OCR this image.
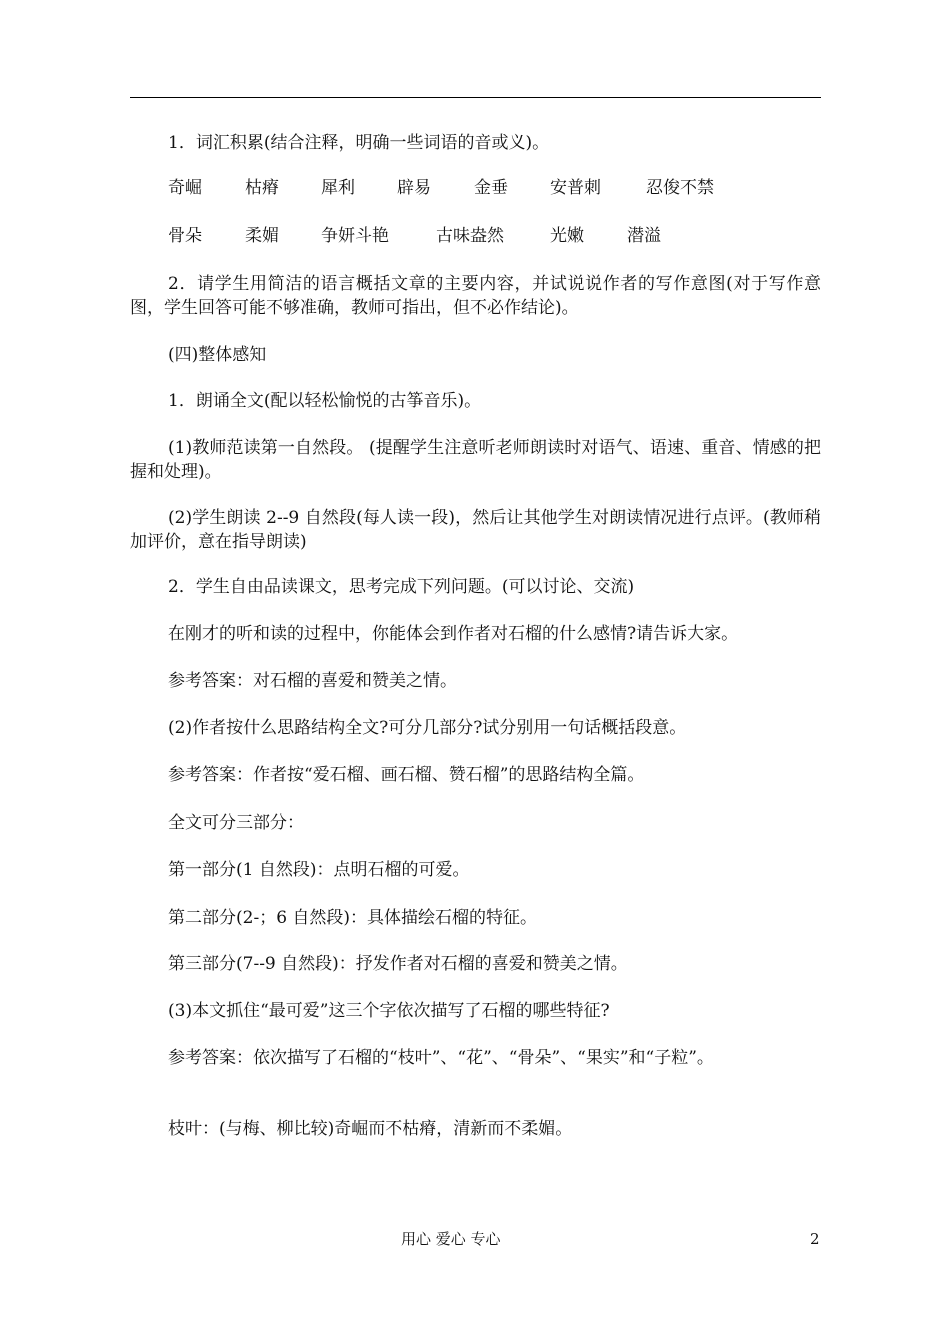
1．词汇积累(结合注释，明确一些词语的音或义)。
奇崛	枯瘠 犀利 辟易	金垂 安普刺	忍俊不禁
骨朵	柔媚 争妍斗艳	古味盎然	光嫩	潜溢
2．请学生用简洁的语言概括文章的主要内容，并试说说作者的写作意图(对于写作意图，学生回答可能不够准确，教师可指出，但不必作结论)。
(四)整体感知
1．朗诵全文(配以轻松愉悦的古筝音乐)。
(1)教师范读第一自然段。 (提醒学生注意听老师朗读时对语气、语速、重音、情感的把握和处理)。
(2)学生朗读 2--9 自然段(每人读一段)，然后让其他学生对朗读情况进行点评。(教师稍加评价，意在指导朗读)
2．学生自由品读课文，思考完成下列问题。(可以讨论、交流)
在刚才的听和读的过程中，你能体会到作者对石榴的什么感情?请告诉大家。
参考答案：对石榴的喜爱和赞美之情。
(2)作者按什么思路结构全文?可分几部分?试分别用一句话概括段意。
参考答案：作者按“爱石榴、画石榴、赞石榴”的思路结构全篇。
全文可分三部分：
第一部分(1 自然段)：点明石榴的可爱。
第二部分(2-；6 自然段)：具体描绘石榴的特征。
第三部分(7--9 自然段)：抒发作者对石榴的喜爱和赞美之情。
(3)本文抓住“最可爱”这三个字依次描写了石榴的哪些特征?
参考答案：依次描写了石榴的“枝叶”、“花”、“骨朵”、“果实”和“子粒”。
枝叶：(与梅、柳比较)奇崛而不枯瘠，清新而不柔媚。
用心 爱心 专心	2
